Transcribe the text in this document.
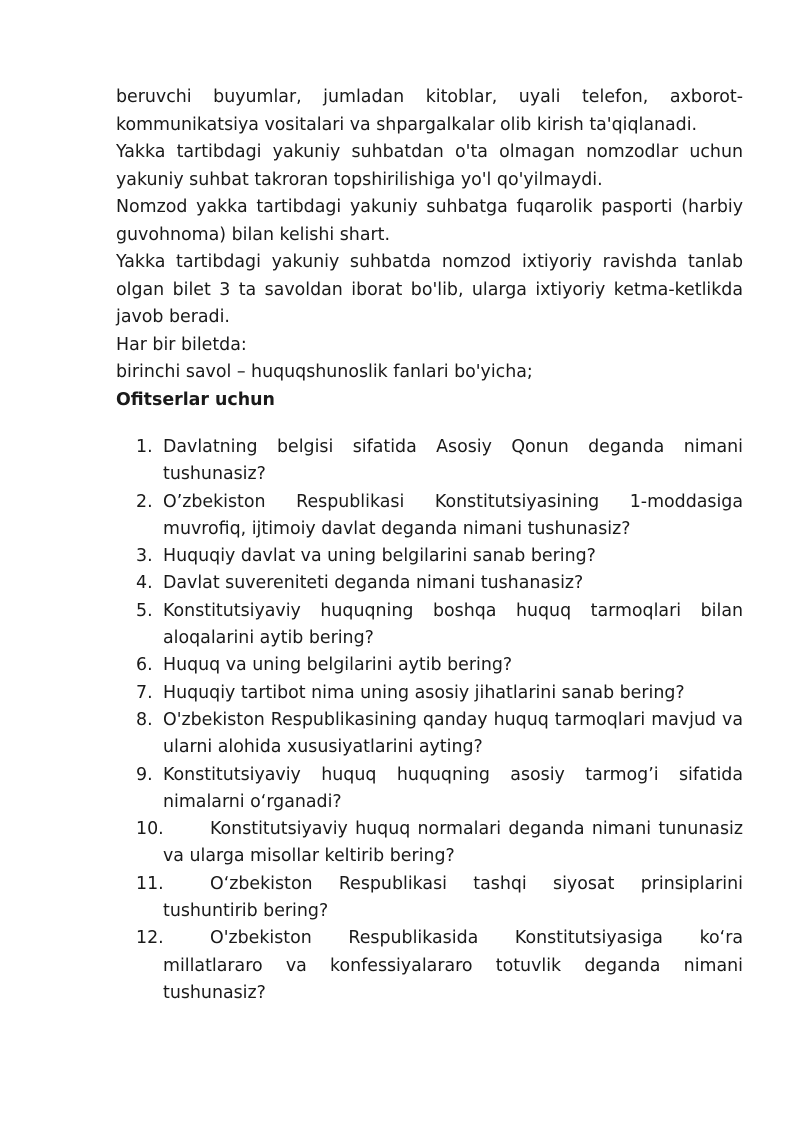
beruvchi buyumlar, jumladan kitoblar, uyali telefon, axborot-kommunikatsiya vositalari va shpargalkalar olib kirish ta'qiqlanadi.

Yakka tartibdagi yakuniy suhbatdan o'ta olmagan nomzodlar uchun yakuniy suhbat takroran topshirilishiga yo'l qo'yilmaydi.

Nomzod yakka tartibdagi yakuniy suhbatga fuqarolik pasporti (harbiy guvohnoma) bilan kelishi shart.

Yakka tartibdagi yakuniy suhbatda nomzod ixtiyoriy ravishda tanlab olgan bilet 3 ta savoldan iborat bo'lib, ularga ixtiyoriy ketma-ketlikda javob beradi.

Har bir biletda:

birinchi savol – huquqshunoslik fanlari bo'yicha;

Ofitserlar uchun

1. Davlatning belgisi sifatida Asosiy Qonun deganda nimani tushunasiz?
2. O’zbekiston Respublikasi Konstitutsiyasining 1-moddasiga muvrofiq, ijtimoiy davlat deganda nimani tushunasiz?
3. Huquqiy davlat va uning belgilarini sanab bering?
4. Davlat suvereniteti deganda nimani tushanasiz?
5. Konstitutsiyaviy huquqning boshqa huquq tarmoqlari bilan aloqalarini aytib bering?
6. Huquq va uning belgilarini aytib bering?
7. Huquqiy tartibot nima uning asosiy jihatlarini sanab bering?
8. O'zbekiston Respublikasining qanday huquq tarmoqlari mavjud va ularni alohida xususiyatlarini ayting?
9. Konstitutsiyaviy huquq huquqning asosiy tarmog’i sifatida nimalarni o‘rganadi?
10.	Konstitutsiyaviy huquq normalari deganda nimani tununasiz va ularga misollar keltirib bering?
11.	O‘zbekiston Respublikasi tashqi siyosat prinsiplarini tushuntirib bering?
12.	O'zbekiston Respublikasida Konstitutsiyasiga ko‘ra millatlararo va konfessiyalararo totuvlik deganda nimani tushunasiz?
